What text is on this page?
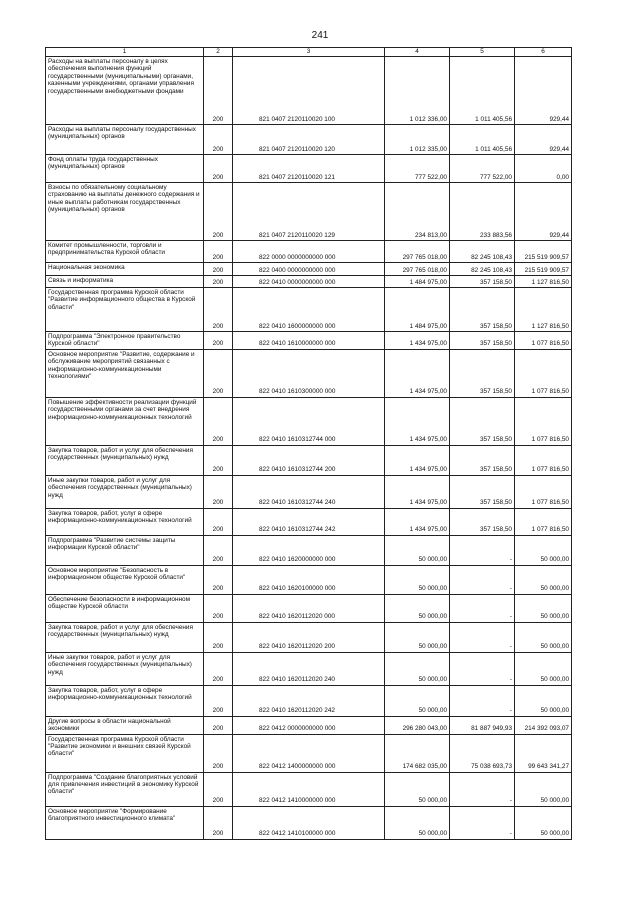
241
1	2	3	4	5	6
Расходы на выплаты персоналу в целях обеспечения выполнения функций государственными (муниципальными) органами, казенными учреждениями, органами управления государственными внебюджетными фондами	200	821 0407 2120110020 100	1 012 336,00	1 011 405,56	929,44
Расходы на выплаты персоналу государственных (муниципальных) органов	200	821 0407 2120110020 120	1 012 335,00	1 011 405,56	929,44
Фонд оплаты труда государственных (муниципальных) органов	200	821 0407 2120110020 121	777 522,00	777 522,00	0,00
Взносы по обязательному социальному страхованию на выплаты денежного содержания и иные выплаты работникам государственных (муниципальных) органов	200	821 0407 2120110020 129	234 813,00	233 883,56	929,44
Комитет промышленности, торговли и предпринимательства Курской области	200	822 0000 0000000000 000	297 765 018,00	82 245 108,43	215 519 909,57
Национальная экономика	200	822 0400 0000000000 000	297 765 018,00	82 245 108,43	215 519 909,57
Связь и информатика	200	822 0410 0000000000 000	1 484 975,00	357 158,50	1 127 816,50
Государственная программа Курской области "Развитие информационного общества в Курской области"	200	822 0410 1600000000 000	1 484 975,00	357 158,50	1 127 816,50
Подпрограмма "Электронное правительство Курской области"	200	822 0410 1610000000 000	1 434 975,00	357 158,50	1 077 816,50
Основное мероприятие "Развитие, содержание и обслуживание мероприятий связанных с информационно-коммуникационными технологиями"	200	822 0410 1610300000 000	1 434 975,00	357 158,50	1 077 816,50
Повышение эффективности реализации функций государственными органами за счет внедрения информационно-коммуникационных технологий	200	822 0410 1610312744 000	1 434 975,00	357 158,50	1 077 816,50
Закупка товаров, работ и услуг для обеспечения государственных (муниципальных) нужд	200	822 0410 1610312744 200	1 434 975,00	357 158,50	1 077 816,50
Иные закупки товаров, работ и услуг для обеспечения государственных (муниципальных) нужд	200	822 0410 1610312744 240	1 434 975,00	357 158,50	1 077 816,50
Закупка товаров, работ, услуг в сфере информационно-коммуникационных технологий	200	822 0410 1610312744 242	1 434 975,00	357 158,50	1 077 816,50
Подпрограмма "Развитие системы защиты информации Курской области"	200	822 0410 1620000000 000	50 000,00	-	50 000,00
Основное мероприятие "Безопасность в информационном обществе Курской области"	200	822 0410 1620100000 000	50 000,00	-	50 000,00
Обеспечение безопасности в информационном обществе Курской области	200	822 0410 1620112020 000	50 000,00	-	50 000,00
Закупка товаров, работ и услуг для обеспечения государственных (муниципальных) нужд	200	822 0410 1620112020 200	50 000,00	-	50 000,00
Иные закупки товаров, работ и услуг для обеспечения государственных (муниципальных) нужд	200	822 0410 1620112020 240	50 000,00	-	50 000,00
Закупка товаров, работ, услуг в сфере информационно-коммуникационных технологий	200	822 0410 1620112020 242	50 000,00	-	50 000,00
Другие вопросы в области национальной экономики	200	822 0412 0000000000 000	296 280 043,00	81 887 949,93	214 392 093,07
Государственная программа Курской области "Развитие экономики и внешних связей Курской области"	200	822 0412 1400000000 000	174 682 035,00	75 038 693,73	99 643 341,27
Подпрограмма "Создание благоприятных условий для привлечения инвестиций в экономику Курской области"	200	822 0412 1410000000 000	50 000,00	-	50 000,00
Основное мероприятие "Формирование благоприятного инвестиционного климата"	200	822 0412 1410100000 000	50 000,00	-	50 000,00
